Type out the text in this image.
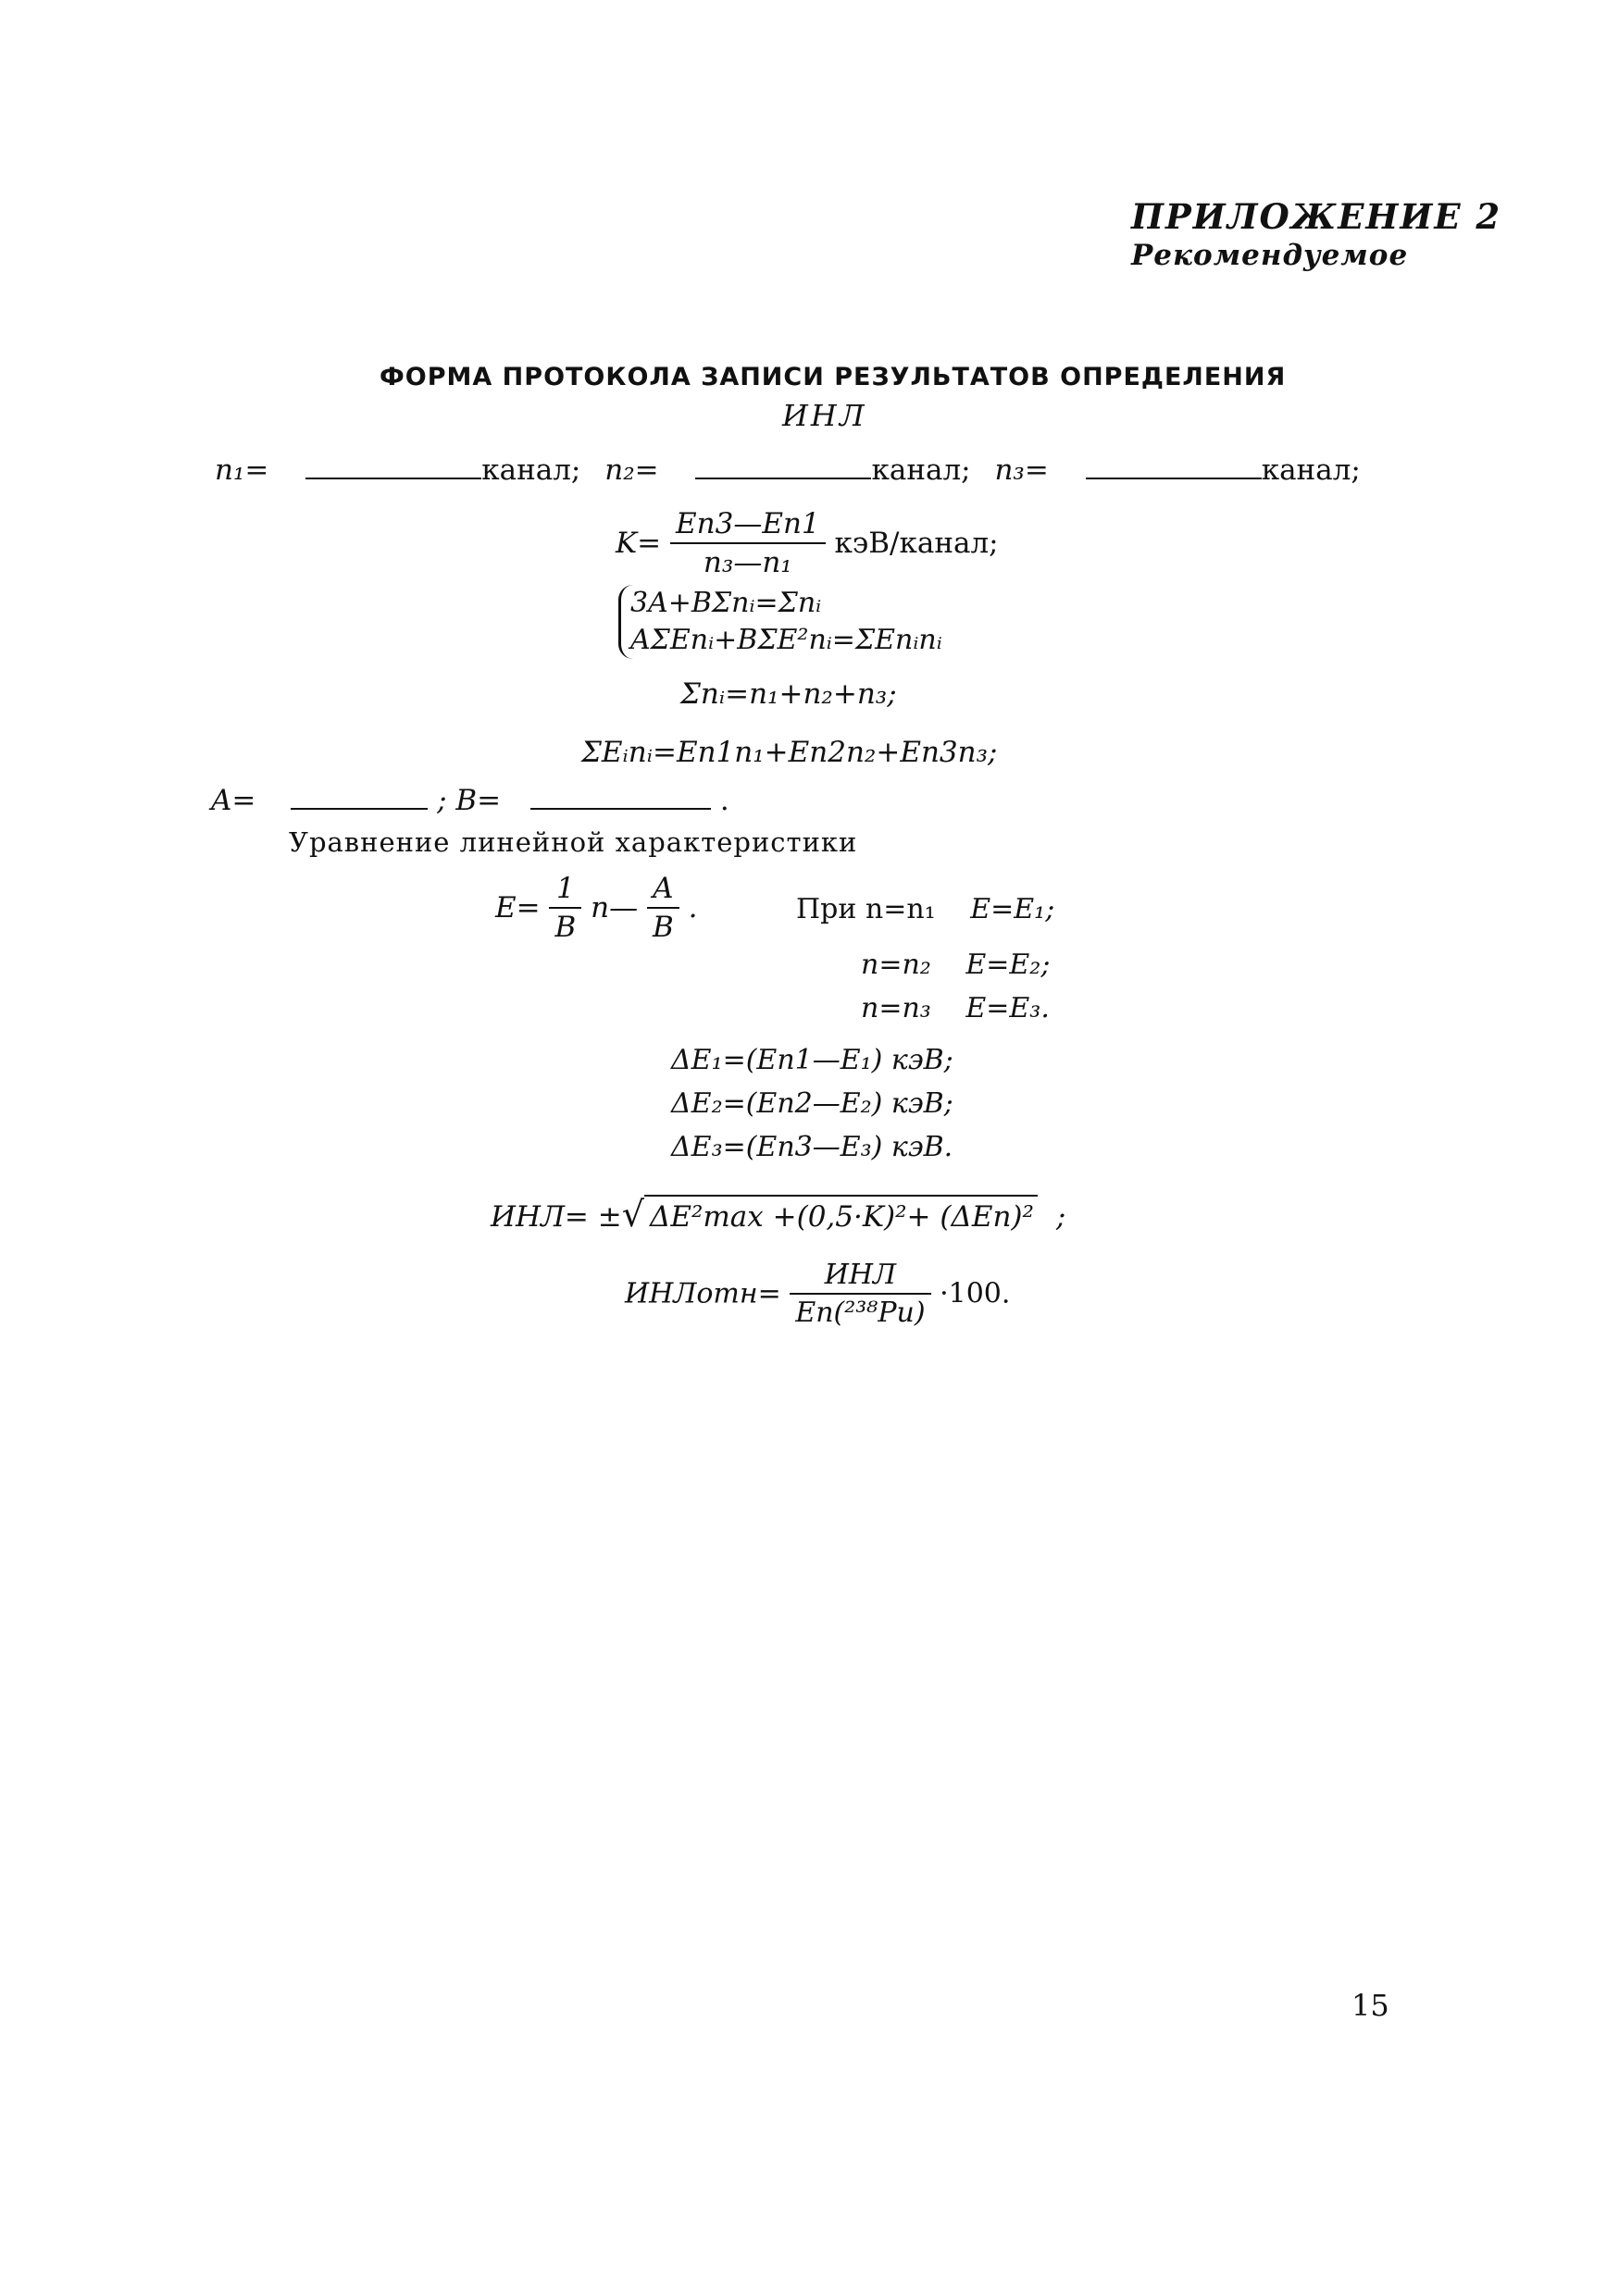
ПРИЛОЖЕНИЕ 2
Рекомендуемое
ФОРМА ПРОТОКОЛА ЗАПИСИ РЕЗУЛЬТАТОВ ОПРЕДЕЛЕНИЯ
ИНЛ
n₁=	канал; n₂=	канал; n₃=	канал;
$K= \frac{Eп3—Eп1}{\text{n₃—n₁}}$ кэВ/канал;
3A+BΣnᵢ=Σnᵢ
AΣEпᵢ+BΣE²пᵢ=ΣEпᵢnᵢ
Σnᵢ=n₁+n₂+n₃;
ΣEᵢnᵢ=Eп1n₁+Eп2n₂+Eп3n₃;
A=	; B=	.
Уравнение линейной характеристики
$E= \frac{1}{B}$ n— $\frac{A}{B}$ .	При n=n₁ E=E₁;
n=n₂ E=E₂;
n=n₃ E=E₃.
ΔE₁=(Eп1—E₁) кэВ;
ΔE₂=(Eп2—E₂) кэВ;
ΔE₃=(Eп3—E₃) кэВ.
ИНЛ= ±√ ΔE²max +(0,5·K)²+ (ΔEп)² ;
ИНЛотн= $\frac{\text{ИНЛ}}{\text{Eп(²³⁸Pu)}} \cdot 100$.
15
